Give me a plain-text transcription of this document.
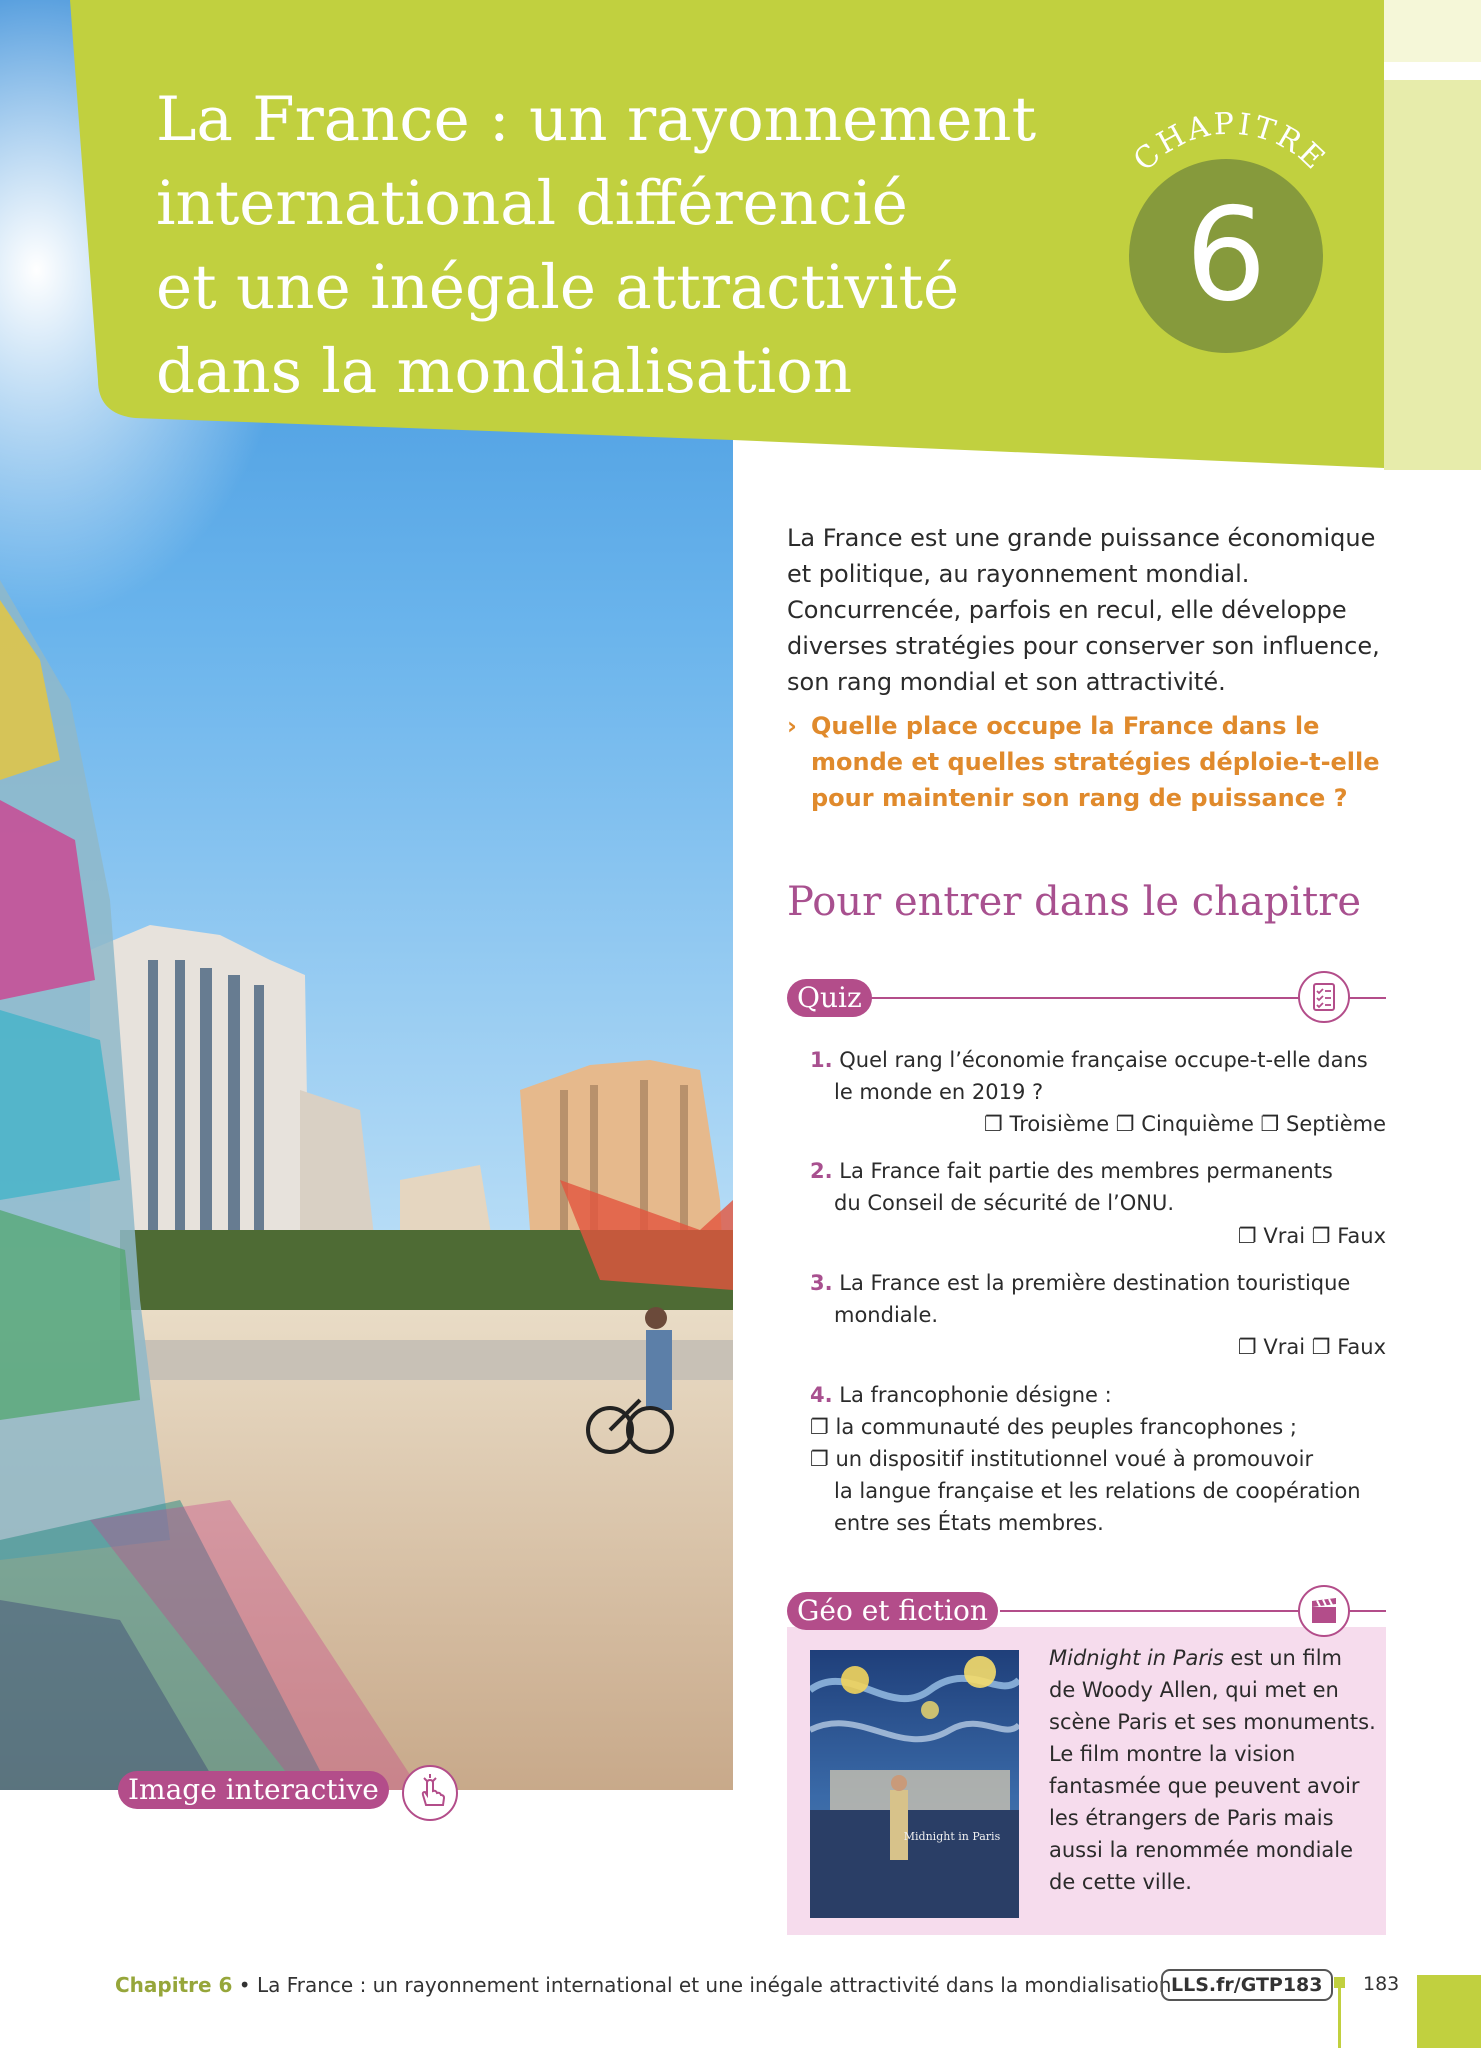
La France : un rayonnement
international différencié
et une inégale attractivité
dans la mondialisation
CHAPITRE
6

La France est une grande puissance économique et politique, au rayonnement mondial. Concurrencée, parfois en recul, elle développe diverses stratégies pour conserver son influence, son rang mondial et son attractivité.

› Quelle place occupe la France dans le monde et quelles stratégies déploie-t-elle pour maintenir son rang de puissance ?
Pour entrer dans le chapitre
Quiz
1. Quel rang l’économie française occupe-t-elle dans
le monde en 2019 ?
❐ Troisième ❐ Cinquième ❐ Septième
2. La France fait partie des membres permanents
du Conseil de sécurité de l’ONU.
❐ Vrai ❐ Faux
3. La France est la première destination touristique
mondiale.
❐ Vrai ❐ Faux
4. La francophonie désigne :
❐ la communauté des peuples francophones ;
❐ un dispositif institutionnel voué à promouvoir
la langue française et les relations de coopération
entre ses États membres.
Géo et fiction
Midnight in Paris
Midnight in Paris est un film
de Woody Allen, qui met en
scène Paris et ses monuments.
Le film montre la vision
fantasmée que peuvent avoir
les étrangers de Paris mais
aussi la renommée mondiale
de cette ville.
Image interactive
Chapitre 6 • La France : un rayonnement international et une inégale attractivité dans la mondialisation LLS.fr/GTP183	183
